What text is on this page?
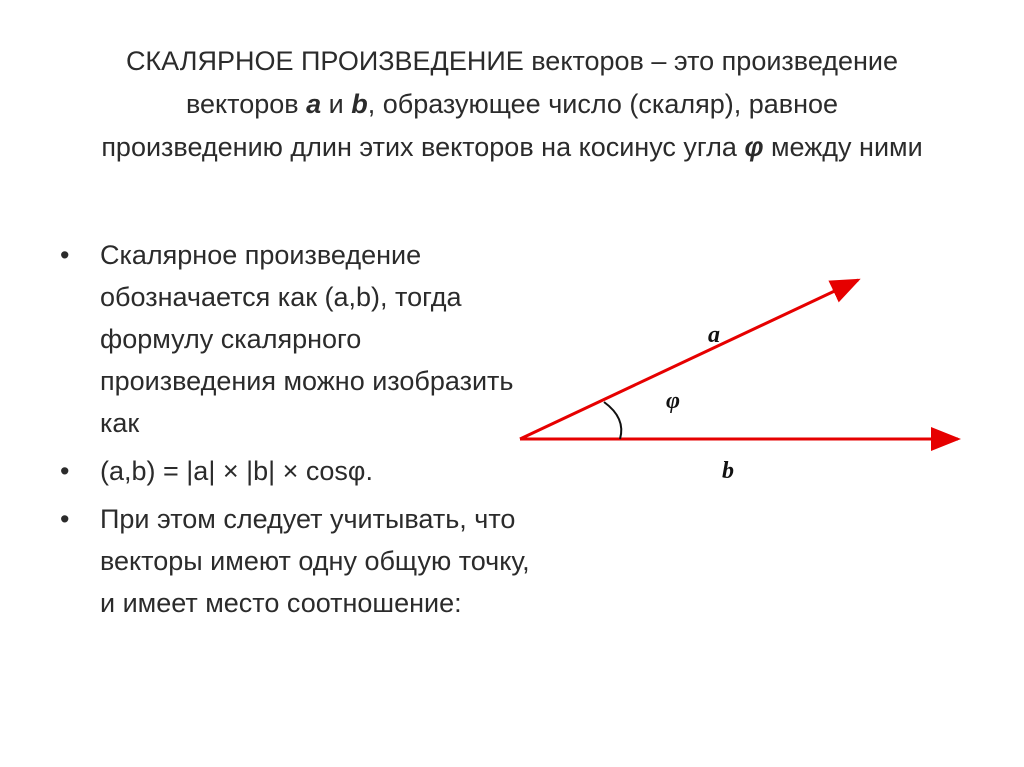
СКАЛЯРНОЕ ПРОИЗВЕДЕНИЕ векторов – это произведение
векторов a и b, образующее число (скаляр), равное
произведению длин этих векторов на косинус угла φ между ними
• Скалярное произведение обозначается как (a,b), тогда формулу скалярного произведения можно изобразить как
• (a,b) = |a| × |b| × cosφ.
• При этом следует учитывать, что векторы имеют одну общую точку, и имеет место соотношение:
a
φ
b
